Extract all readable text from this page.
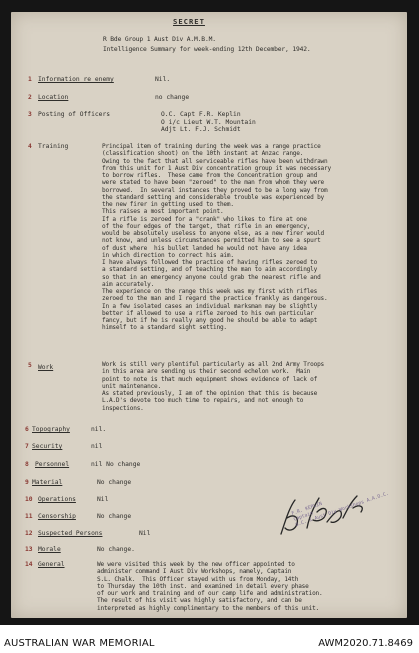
SECRET
R Bde Group 1 Aust Div A.M.B.M.
Intelligence Summary for week-ending 12th December, 1942.
1 Information re enemy	Nil.
2 Location	no change
3 Posting of Officers	O.C. Capt F.R. Keplin
O i/c Lieut W.T. Mountain
Adjt Lt. F.J. Schmidt
4 Training	Principal item of training during the week was a range practice
(classification shoot) on the 10th instant at Anzac range.
Owing to the fact that all serviceable rifles have been withdrawn
from this unit for 1 Aust Div concentration group it was necessary
to borrow rifles.  These came from the Concentration group and
were stated to have been "zeroed" to the man from whom they were
borrowed.  In several instances they proved to be a long way from
the standard setting and considerable trouble was experienced by
the new firer in getting used to them.
This raises a most important point.
If a rifle is zeroed for a "crank" who likes to fire at one
of the four edges of the target, that rifle in an emergency,
would be absolutely useless to anyone else, as a new firer would
not know, and unless circumstances permitted him to see a spurt
of dust where  his bullet landed he would not have any idea
in which direction to correct his aim.
I have always followed the practice of having rifles zeroed to
a standard setting, and of teaching the man to aim accordingly
so that in an emergency anyone could grab the nearest rifle and
aim accurately.
The experience on the range this week was my first with rifles
zeroed to the man and I regard the practice frankly as dangerous.
In a few isolated cases an individual marksman may be slightly
better if allowed to use a rifle zeroed to his own particular
fancy, but if he is really any good he should be able to adapt
himself to a standard sight setting.
5 Work	Work is still very plentiful particularly as all 2nd Army Troops
in this area are sending us their second echelon work.  Main
point to note is that much equipment shows evidence of lack of
unit maintenance.
As stated previously, I am of the opinion that this is because
L.A.D's devote too much time to repairs, and not enough to
inspections.
6 Topography	nil.
7 Security	nil
8 Personnel	nil No change
9 Material	No change
10 Operations	Nil
11 Censorship	No change
12 Suspected Persons	Nil
13 Morale	No change.
14 General	We were visited this week by the new officer appointed to
administer command I Aust Div Workshops, namely, Captain
S.L. Chalk.  This Officer stayed with us from Monday, 14th
to Thursday the 10th inst. and examined in detail every phase
of our work and training and of our camp life and administration.
The result of his visit was highly satisfactory, and can be
interpreted as highly complimentary to the members of this unit.
F.R. KEPLIN
Captain
O.C. 1 Aust Div Workshops A.A.O.C.
AUSTRALIAN WAR MEMORIAL	AWM2020.71.8469
